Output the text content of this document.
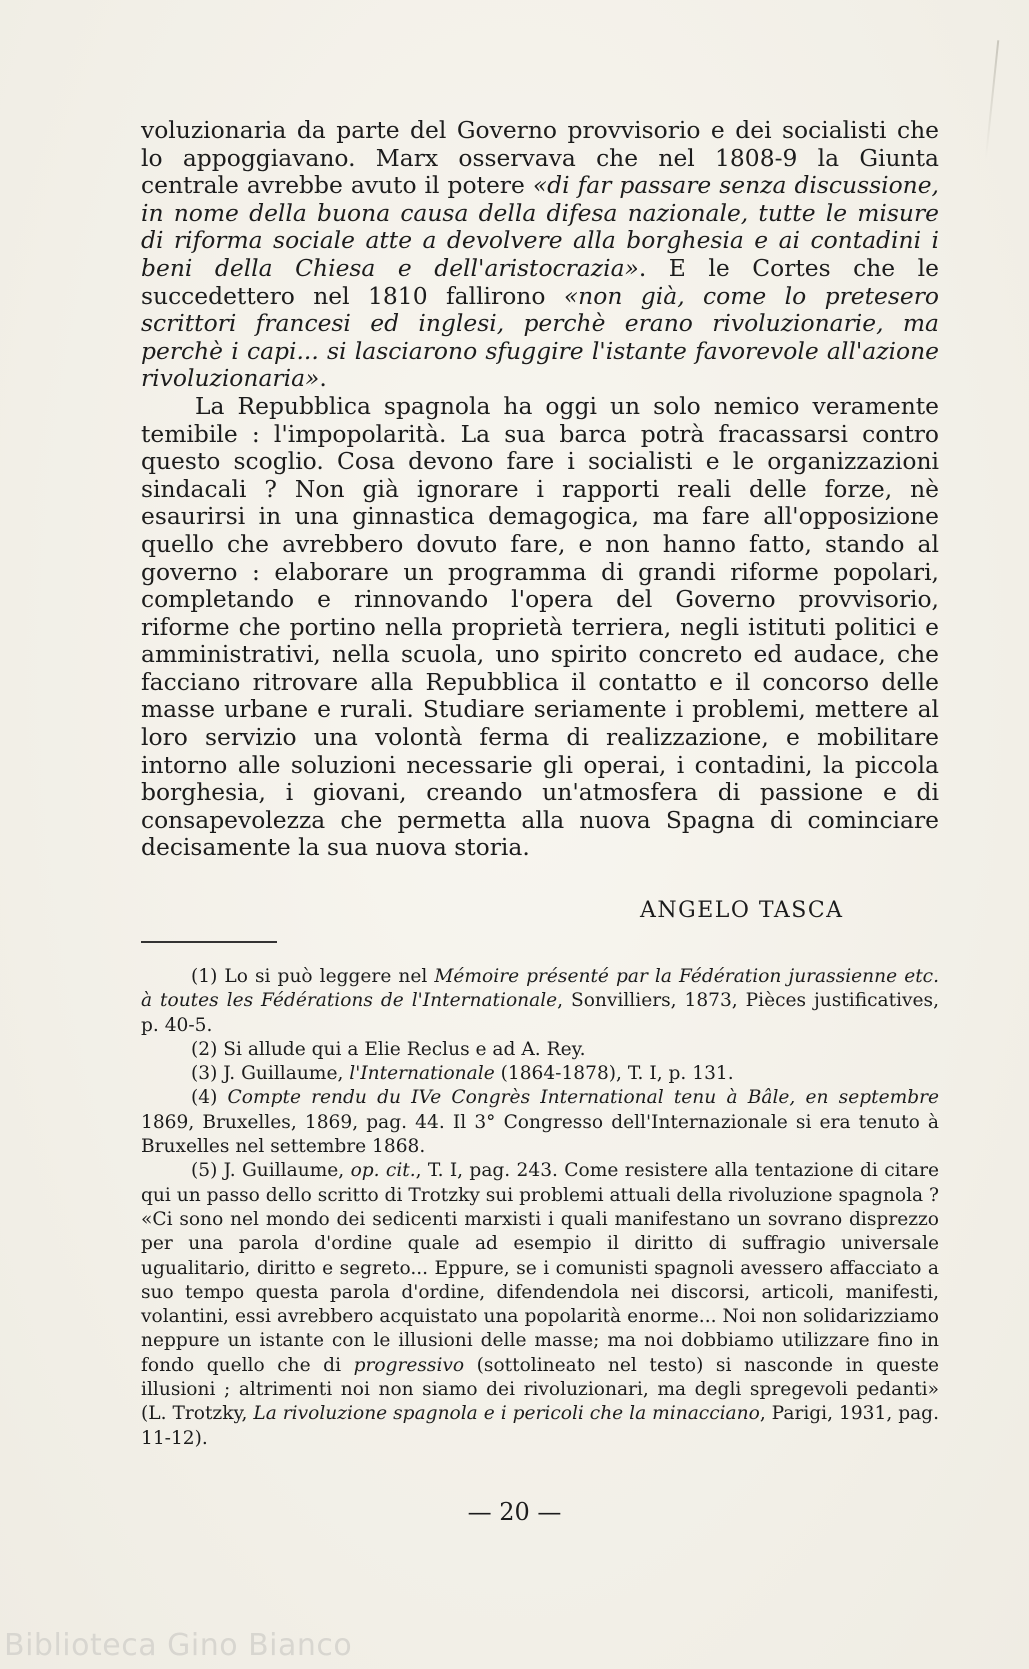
voluzionaria da parte del Governo provvisorio e dei socialisti che lo appoggiavano. Marx osservava che nel 1808-9 la Giunta centrale avrebbe avuto il potere «di far passare senza discussione, in nome della buona causa della difesa nazionale, tutte le misure di riforma sociale atte a devolvere alla borghesia e ai contadini i beni della Chiesa e dell'aristocrazia». E le Cortes che le succedettero nel 1810 fallirono «non già, come lo pretesero scrittori francesi ed inglesi, perchè erano rivoluzionarie, ma perchè i capi... si lasciarono sfuggire l'istante favorevole all'azione rivoluzionaria».

La Repubblica spagnola ha oggi un solo nemico veramente temibile : l'impopolarità. La sua barca potrà fracassarsi contro questo scoglio. Cosa devono fare i socialisti e le organizzazioni sindacali ? Non già ignorare i rapporti reali delle forze, nè esaurirsi in una ginnastica demagogica, ma fare all'opposizione quello che avrebbero dovuto fare, e non hanno fatto, stando al governo : elaborare un programma di grandi riforme popolari, completando e rinnovando l'opera del Governo provvisorio, riforme che portino nella proprietà terriera, negli istituti politici e amministrativi, nella scuola, uno spirito concreto ed audace, che facciano ritrovare alla Repubblica il contatto e il concorso delle masse urbane e rurali. Studiare seriamente i problemi, mettere al loro servizio una volontà ferma di realizzazione, e mobilitare intorno alle soluzioni necessarie gli operai, i contadini, la piccola borghesia, i giovani, creando un'atmosfera di passione e di consapevolezza che permetta alla nuova Spagna di cominciare decisamente la sua nuova storia.

ANGELO TASCA

(1) Lo si può leggere nel Mémoire présenté par la Fédération jurassienne etc. à toutes les Fédérations de l'Internationale, Sonvilliers, 1873, Pièces justificatives, p. 40-5.

(2) Si allude qui a Elie Reclus e ad A. Rey.

(3) J. Guillaume, l'Internationale (1864-1878), T. I, p. 131.

(4) Compte rendu du IVe Congrès International tenu à Bâle, en septembre 1869, Bruxelles, 1869, pag. 44. Il 3° Congresso dell'Internazionale si era tenuto à Bruxelles nel settembre 1868.

(5) J. Guillaume, op. cit., T. I, pag. 243. Come resistere alla tentazione di citare qui un passo dello scritto di Trotzky sui problemi attuali della rivoluzione spagnola ? «Ci sono nel mondo dei sedicenti marxisti i quali manifestano un sovrano disprezzo per una parola d'ordine quale ad esempio il diritto di suffragio universale ugualitario, diritto e segreto... Eppure, se i comunisti spagnoli avessero affacciato a suo tempo questa parola d'ordine, difendendola nei discorsi, articoli, manifesti, volantini, essi avrebbero acquistato una popolarità enorme... Noi non solidarizziamo neppure un istante con le illusioni delle masse; ma noi dobbiamo utilizzare fino in fondo quello che di progressivo (sottolineato nel testo) si nasconde in queste illusioni ; altrimenti noi non siamo dei rivoluzionari, ma degli spregevoli pedanti» (L. Trotzky, La rivoluzione spagnola e i pericoli che la minacciano, Parigi, 1931, pag. 11-12).

— 20 —
Biblioteca Gino Bianco
